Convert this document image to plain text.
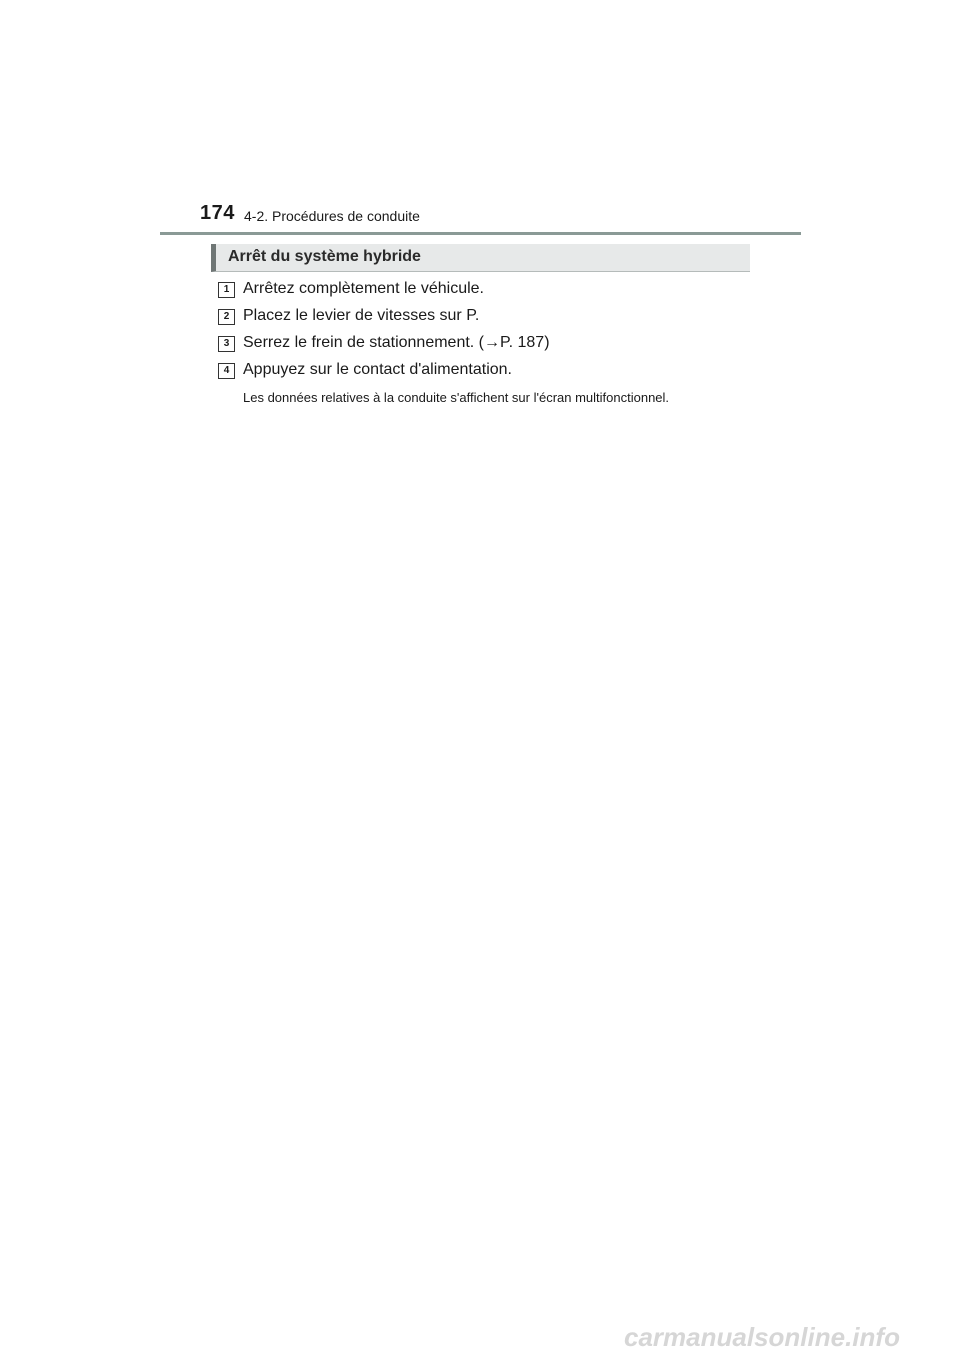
174 4-2. Procédures de conduite
Arrêt du système hybride
1 Arrêtez complètement le véhicule.
2 Placez le levier de vitesses sur P.
3 Serrez le frein de stationnement. (→P. 187)
4 Appuyez sur le contact d'alimentation.
Les données relatives à la conduite s'affichent sur l'écran multifonctionnel.
carmanualsonline.info
